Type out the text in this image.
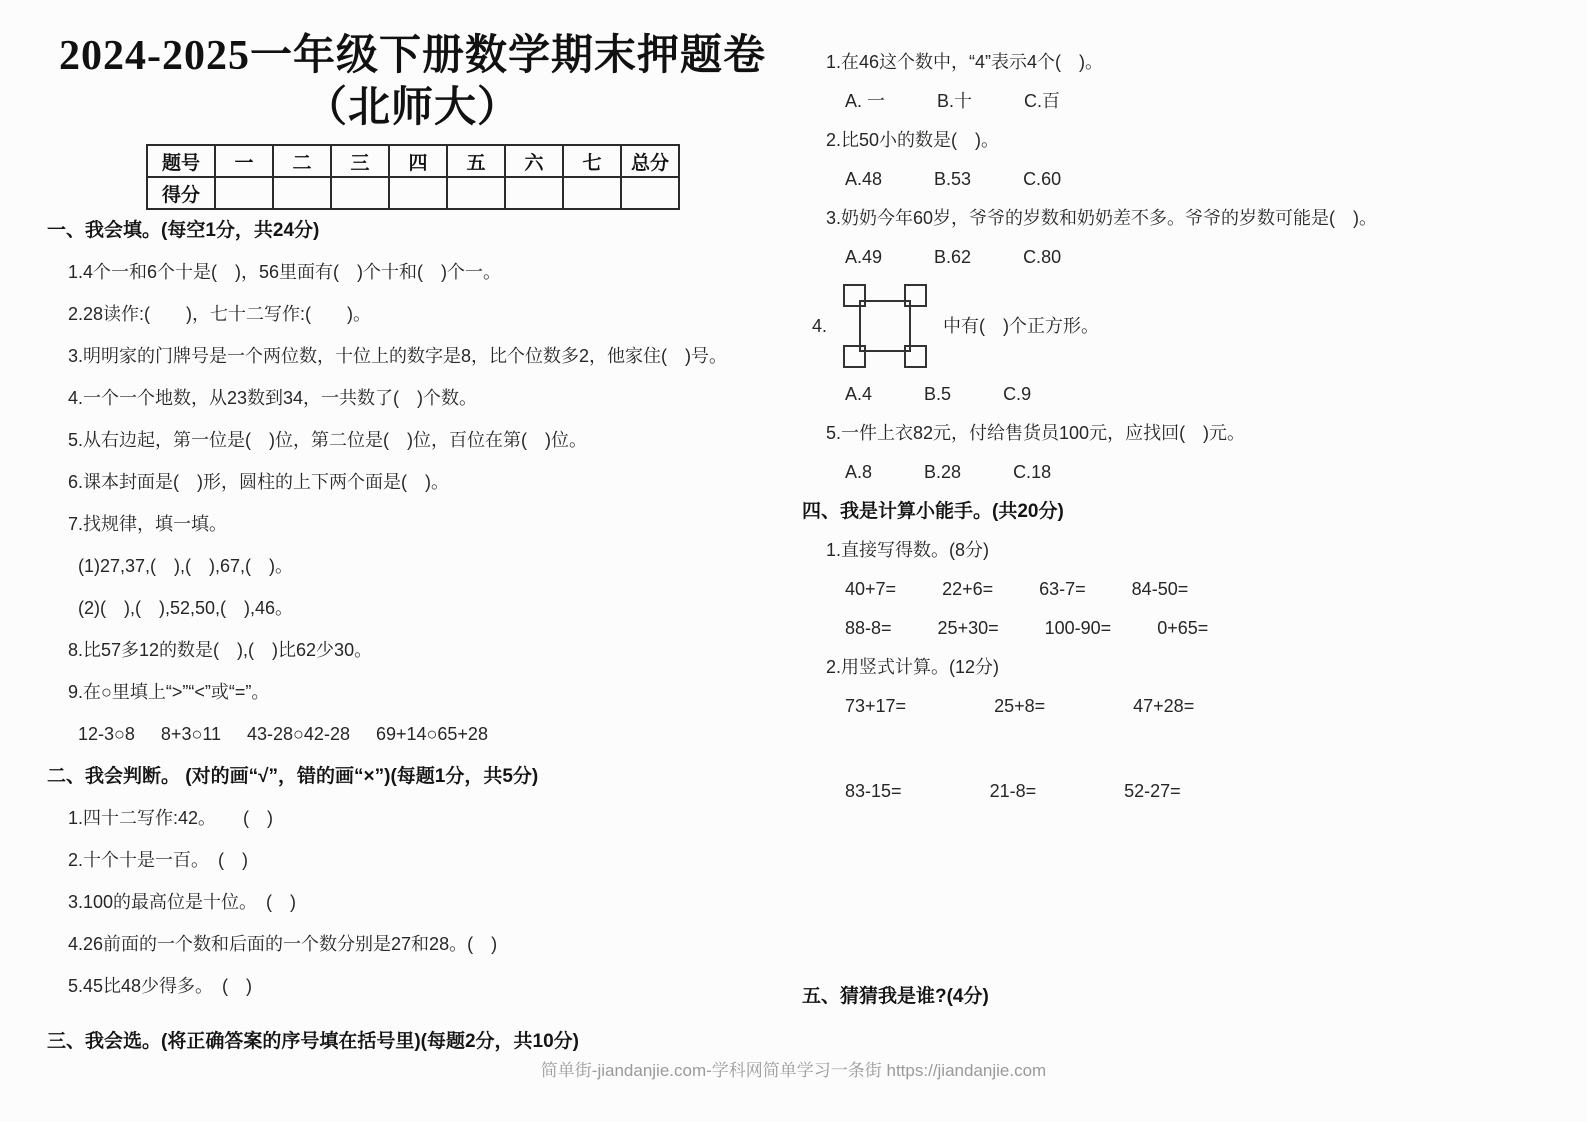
2024-2025一年级下册数学期末押题卷
（北师大）
题号	一	二	三	四	五	六	七	总分
得分								
一、我会填。(每空1分，共24分)
1.4个一和6个十是(　)，56里面有(　)个十和(　)个一。
2.28读作:(　　)，七十二写作:(　　)。
3.明明家的门牌号是一个两位数，十位上的数字是8，比个位数多2，他家住(　)号。
4.一个一个地数，从23数到34，一共数了(　)个数。
5.从右边起，第一位是(　)位，第二位是(　)位，百位在第(　)位。
6.课本封面是(　)形，圆柱的上下两个面是(　)。
7.找规律，填一填。
(1)27,37,(　),(　),67,(　)。
(2)(　),(　),52,50,(　),46。
8.比57多12的数是(　),(　)比62少30。
9.在○里填上“>”“<”或“=”。
12-3○8 8+3○11 43-28○42-28 69+14○65+28
二、我会判断。 (对的画“√”，错的画“×”)(每题1分，共5分)
1.四十二写作:42。　　(　)
2.十个十是一百。　(　)
3.100的最高位是十位。　(　)
4.26前面的一个数和后面的一个数分别是27和28。(　)
5.45比48少得多。　(　)
三、我会选。(将正确答案的序号填在括号里)(每题2分，共10分)
1.在46这个数中，“4”表示4个(　)。
A. 一	B.十	C.百
2.比50小的数是(　)。
A.48	B.53	C.60
3.奶奶今年60岁，爷爷的岁数和奶奶差不多。爷爷的岁数可能是(　)。
A.49	B.62	C.80
4.	中有(　)个正方形。
A.4	B.5	C.9
5.一件上衣82元，付给售货员100元，应找回(　)元。
A.8	B.28	C.18
四、我是计算小能手。(共20分)
1.直接写得数。(8分)
40+7=	22+6=	63-7=	84-50=
88-8=	25+30=	100-90=	0+65=
2.用竖式计算。(12分)
73+17=	25+8=	47+28=
83-15=	21-8=	52-27=
五、猜猜我是谁?(4分)
简单街-jiandanjie.com-学科网简单学习一条街 https://jiandanjie.com
